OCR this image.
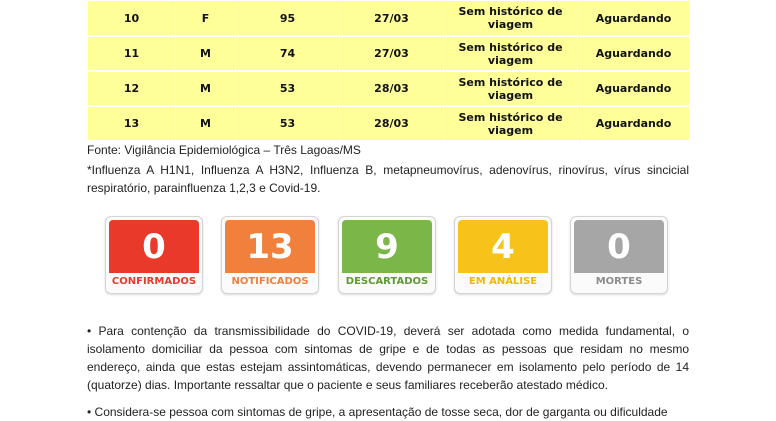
10	F	95	27/03	Sem histórico de viagem	Aguardando
11	M	74	27/03	Sem histórico de viagem	Aguardando
12	M	53	28/03	Sem histórico de viagem	Aguardando
13	M	53	28/03	Sem histórico de viagem	Aguardando
Fonte: Vigilância Epidemiológica – Três Lagoas/MS

*Influenza A H1N1, Influenza A H3N2, Influenza B, metapneumovírus, adenovírus, rinovírus, vírus sincicial respiratório, parainfluenza 1,2,3 e Covid-19.

0
CONFIRMADOS
13
NOTIFICADOS
9
DESCARTADOS
4
EM ANÁLISE
0
MORTES

• Para contenção da transmissibilidade do COVID-19, deverá ser adotada como medida fundamental, o isolamento domiciliar da pessoa com sintomas de gripe e de todas as pessoas que residam no mesmo endereço, ainda que estas estejam assintomáticas, devendo permanecer em isolamento pelo período de 14 (quatorze) dias. Importante ressaltar que o paciente e seus familiares receberão atestado médico.

• Considera-se pessoa com sintomas de gripe, a apresentação de tosse seca, dor de garganta ou dificuldade
